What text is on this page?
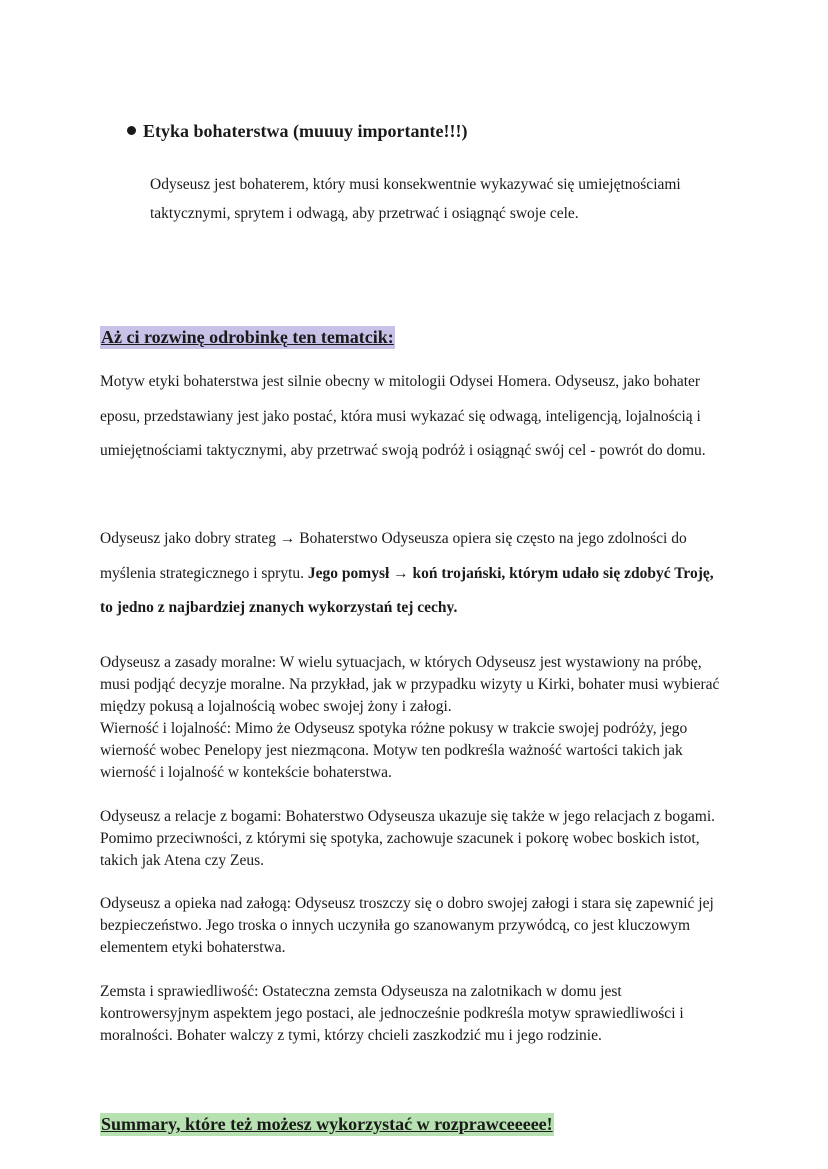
Etyka bohaterstwa (muuuy importante!!!)

Odyseusz jest bohaterem, który musi konsekwentnie wykazywać się umiejętnościami taktycznymi, sprytem i odwagą, aby przetrwać i osiągnąć swoje cele.

Aż ci rozwinę odrobinkę ten tematcik:

Motyw etyki bohaterstwa jest silnie obecny w mitologii Odysei Homera. Odyseusz, jako bohater eposu, przedstawiany jest jako postać, która musi wykazać się odwagą, inteligencją, lojalnością i umiejętnościami taktycznymi, aby przetrwać swoją podróż i osiągnąć swój cel - powrót do domu.

Odyseusz jako dobry strateg → Bohaterstwo Odyseusza opiera się często na jego zdolności do myślenia strategicznego i sprytu. Jego pomysł → koń trojański, którym udało się zdobyć Troję, to jedno z najbardziej znanych wykorzystań tej cechy.

Odyseusz a zasady moralne: W wielu sytuacjach, w których Odyseusz jest wystawiony na próbę, musi podjąć decyzje moralne. Na przykład, jak w przypadku wizyty u Kirki, bohater musi wybierać między pokusą a lojalnością wobec swojej żony i załogi.

Wierność i lojalność: Mimo że Odyseusz spotyka różne pokusy w trakcie swojej podróży, jego wierność wobec Penelopy jest niezmącona. Motyw ten podkreśla ważność wartości takich jak wierność i lojalność w kontekście bohaterstwa.

Odyseusz a relacje z bogami: Bohaterstwo Odyseusza ukazuje się także w jego relacjach z bogami. Pomimo przeciwności, z którymi się spotyka, zachowuje szacunek i pokorę wobec boskich istot, takich jak Atena czy Zeus.

Odyseusz a opieka nad załogą: Odyseusz troszczy się o dobro swojej załogi i stara się zapewnić jej bezpieczeństwo. Jego troska o innych uczyniła go szanowanym przywódcą, co jest kluczowym elementem etyki bohaterstwa.

Zemsta i sprawiedliwość: Ostateczna zemsta Odyseusza na zalotnikach w domu jest kontrowersyjnym aspektem jego postaci, ale jednocześnie podkreśla motyw sprawiedliwości i moralności. Bohater walczy z tymi, którzy chcieli zaszkodzić mu i jego rodzinie.

Summary, które też możesz wykorzystać w rozprawceeeee!
